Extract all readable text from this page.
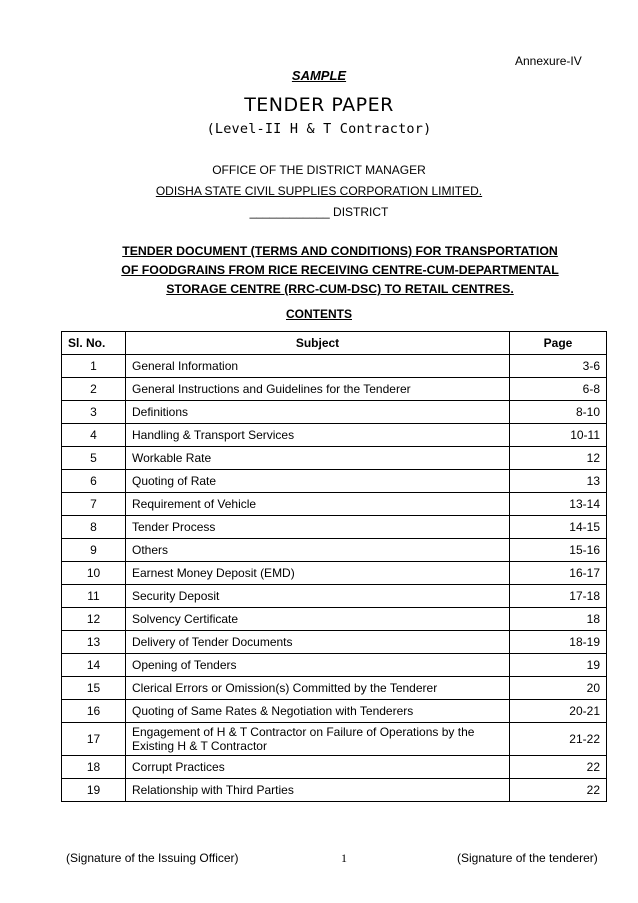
Annexure-IV
SAMPLE
TENDER PAPER
(Level-II H & T Contractor)
OFFICE OF THE DISTRICT MANAGER
ODISHA STATE CIVIL SUPPLIES CORPORATION LIMITED.
____________ DISTRICT
TENDER DOCUMENT (TERMS AND CONDITIONS) FOR TRANSPORTATION
OF FOODGRAINS FROM RICE RECEIVING CENTRE-CUM-DEPARTMENTAL
STORAGE CENTRE (RRC-CUM-DSC) TO RETAIL CENTRES.
CONTENTS
Sl. No.	Subject	Page
1	General Information	3-6
2	General Instructions and Guidelines for the Tenderer	6-8
3	Definitions	8-10
4	Handling & Transport Services	10-11
5	Workable Rate	12
6	Quoting of Rate	13
7	Requirement of Vehicle	13-14
8	Tender Process	14-15
9	Others	15-16
10	Earnest Money Deposit (EMD)	16-17
11	Security Deposit	17-18
12	Solvency Certificate	18
13	Delivery of Tender Documents	18-19
14	Opening of Tenders	19
15	Clerical Errors or Omission(s) Committed by the Tenderer	20
16	Quoting of Same Rates & Negotiation with Tenderers	20-21
17	Engagement of H & T Contractor on Failure of Operations by the Existing H & T Contractor	21-22
18	Corrupt Practices	22
19	Relationship with Third Parties	22
(Signature of the Issuing Officer)	1	(Signature of the tenderer)
